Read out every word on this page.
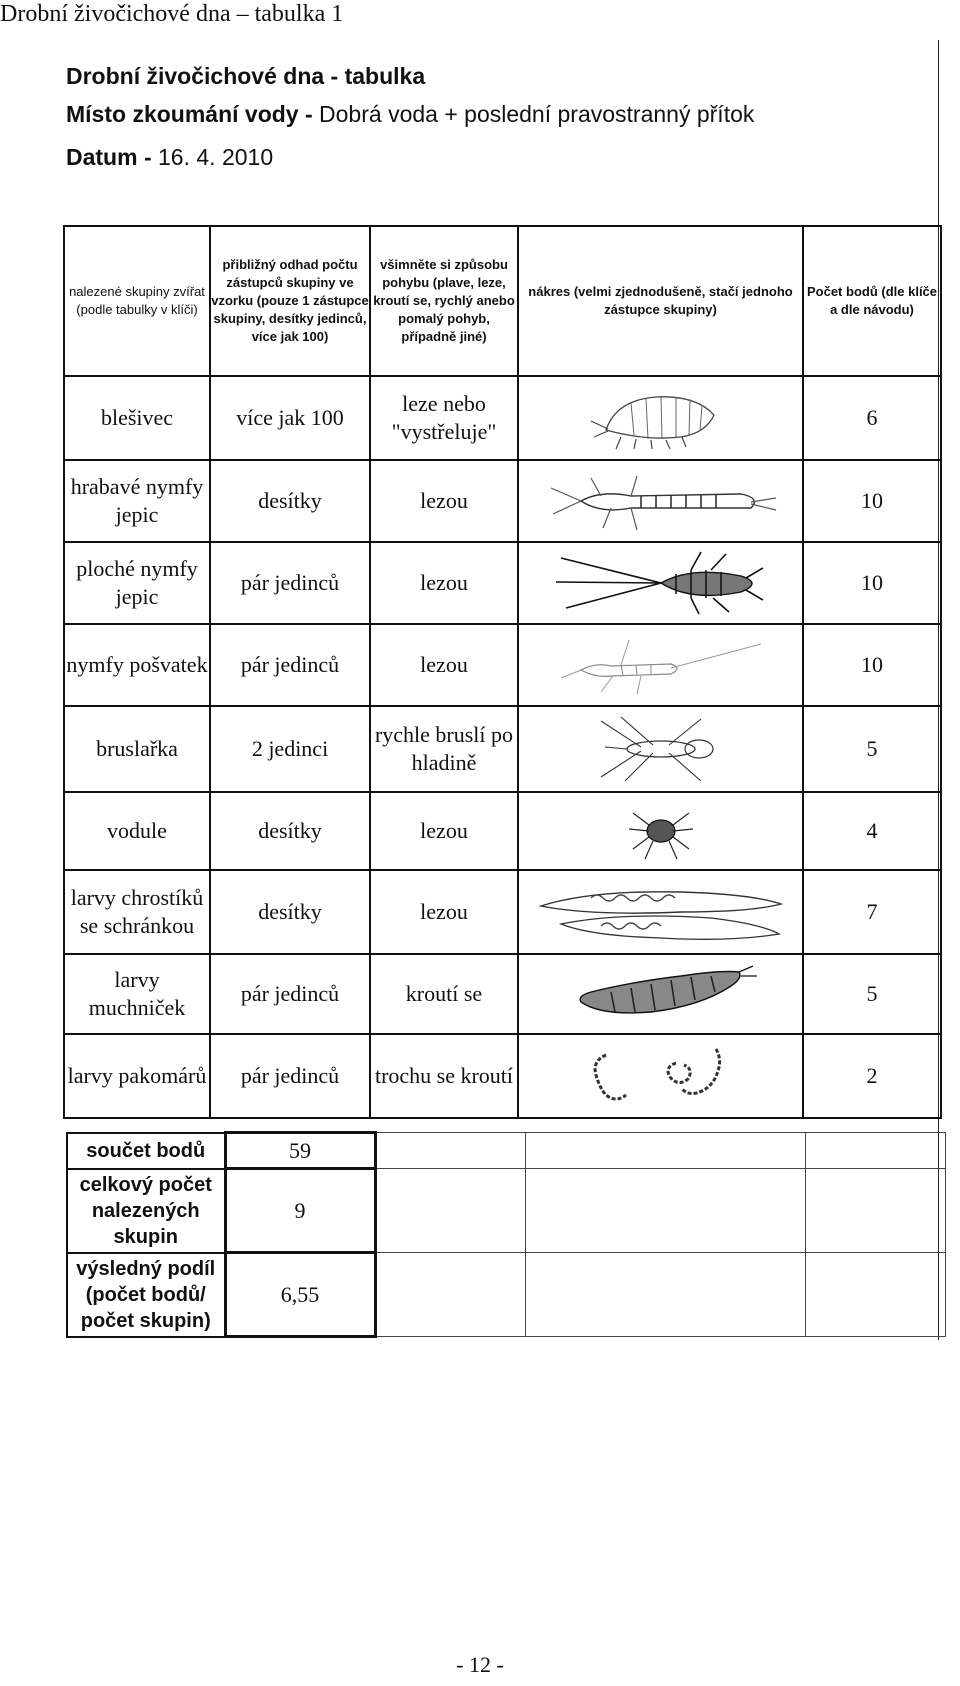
Drobní živočichové dna – tabulka 1
Drobní živočichové dna - tabulka
Místo zkoumání vody - Dobrá voda + poslední pravostranný přítok
Datum - 16. 4. 2010
nalezené skupiny zvířat (podle tabulky v klíči)	přibližný odhad počtu zástupců skupiny ve vzorku (pouze 1 zástupce skupiny, desítky jedinců, více jak 100)	všimněte si způsobu pohybu (plave, leze, kroutí se, rychlý anebo pomalý pohyb, případně jiné)	nákres (velmi zjednodušeně, stačí jednoho zástupce skupiny)	Počet bodů (dle klíče a dle návodu)
blešivec	více jak 100	leze nebo "vystřeluje"		6
hrabavé nymfy jepic	desítky	lezou		10
ploché nymfy jepic	pár jedinců	lezou		10
nymfy pošvatek	pár jedinců	lezou		10
bruslařka	2 jedinci	rychle bruslí po hladině		5
vodule	desítky	lezou		4
larvy chrostíků se schránkou	desítky	lezou		7
larvy muchniček	pár jedinců	kroutí se		5
larvy pakomárů	pár jedinců	trochu se kroutí		2
součet bodů	59			
celkový počet nalezených skupin	9			
výsledný podíl (počet bodů/ počet skupin)	6,55			
- 12 -
